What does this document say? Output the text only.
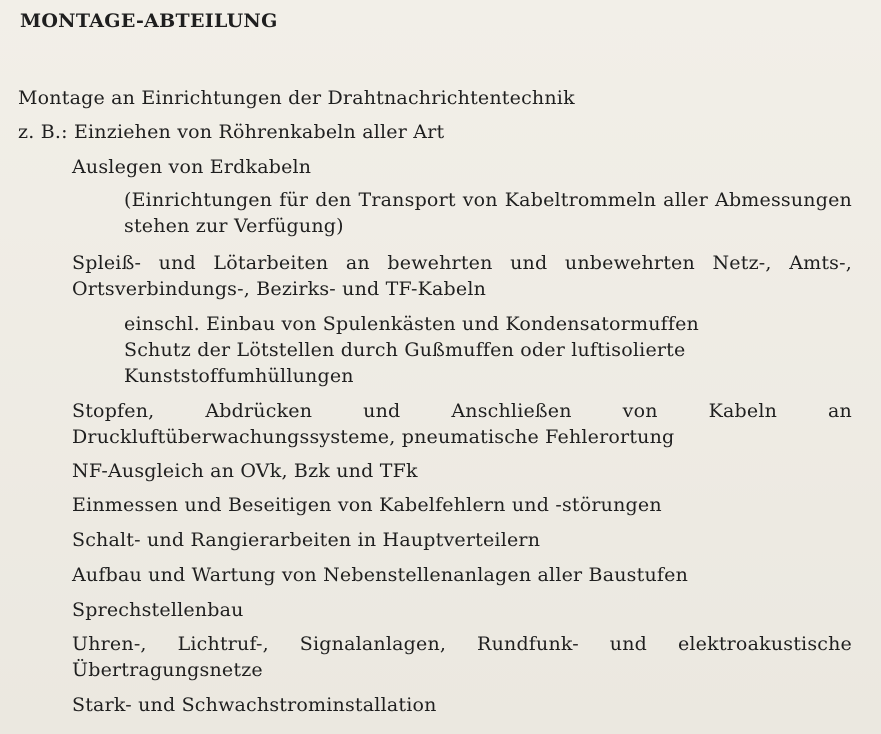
MONTAGE-ABTEILUNG
Montage an Einrichtungen der Drahtnachrichtentechnik
z. B.: Einziehen von Röhrenkabeln aller Art
Auslegen von Erdkabeln
(Einrichtungen für den Transport von Kabeltrommeln aller Abmessungen stehen zur Verfügung)
Spleiß- und Lötarbeiten an bewehrten und unbewehrten Netz-, Amts-, Ortsverbindungs-, Bezirks- und TF-Kabeln
einschl. Einbau von Spulenkästen und Kondensatormuffen
Schutz der Lötstellen durch Gußmuffen oder luftisolierte Kunststoffumhüllungen
Stopfen, Abdrücken und Anschließen von Kabeln an Druckluftüberwachungssysteme, pneumatische Fehlerortung
NF-Ausgleich an OVk, Bzk und TFk
Einmessen und Beseitigen von Kabelfehlern und -störungen
Schalt- und Rangierarbeiten in Hauptverteilern
Aufbau und Wartung von Nebenstellenanlagen aller Baustufen
Sprechstellenbau
Uhren-, Lichtruf-, Signalanlagen, Rundfunk- und elektroakustische Übertragungsnetze
Stark- und Schwachstrominstallation
